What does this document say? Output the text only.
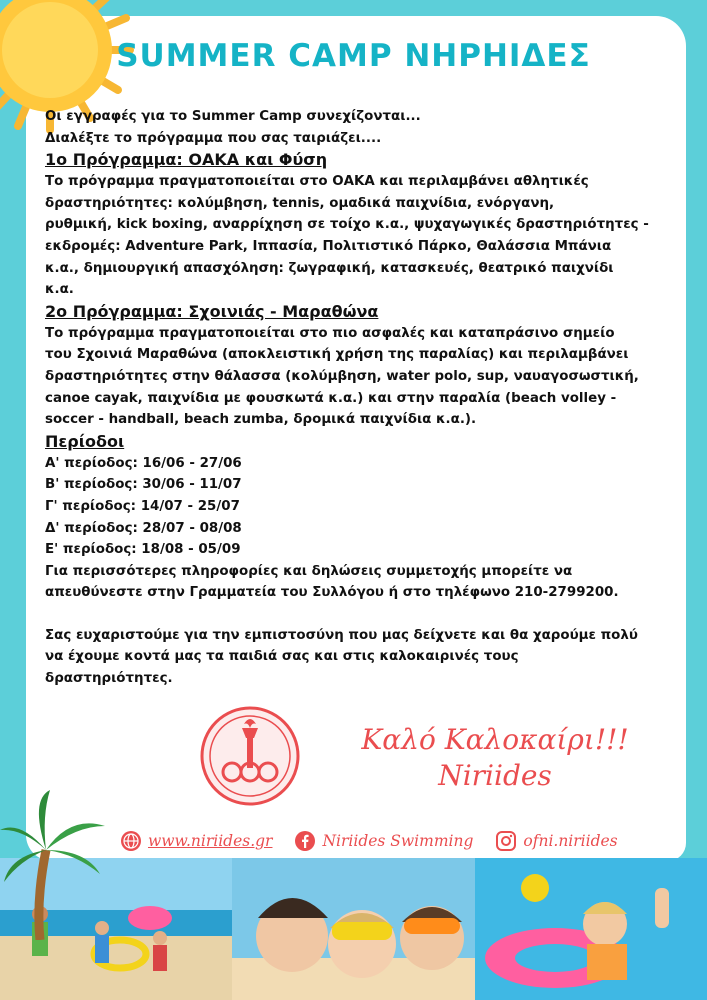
SUMMER CAMP ΝΗΡΗΙΔΕΣ

Οι εγγραφές για το Summer Camp συνεχίζονται...

Διαλέξτε το πρόγραμμα που σας ταιριάζει....

1ο Πρόγραμμα: ΟΑΚΑ και Φύση

Το πρόγραμμα πραγματοποιείται στο ΟΑΚΑ και περιλαμβάνει αθλητικές

δραστηριότητες: κολύμβηση, tennis, ομαδικά παιχνίδια, ενόργανη,

ρυθμική, kick boxing, αναρρίχηση σε τοίχο κ.α., ψυχαγωγικές δραστηριότητες -

εκδρομές: Adventure Park, Ιππασία, Πολιτιστικό Πάρκο, Θαλάσσια Μπάνια

κ.α., δημιουργική απασχόληση: ζωγραφική, κατασκευές, θεατρικό παιχνίδι

κ.α.

2ο Πρόγραμμα: Σχοινιάς - Μαραθώνα

Το πρόγραμμα πραγματοποιείται στο πιο ασφαλές και καταπράσινο σημείο

του Σχοινιά Μαραθώνα (αποκλειστική χρήση της παραλίας) και περιλαμβάνει

δραστηριότητες στην θάλασσα (κολύμβηση, water polo, sup, ναυαγοσωστική,

canoe cayak, παιχνίδια με φουσκωτά κ.α.) και στην παραλία (beach volley -

soccer - handball, beach zumba, δρομικά παιχνίδια κ.α.).

Περίοδοι

Α' περίοδος: 16/06 - 27/06

Β' περίοδος: 30/06 - 11/07

Γ' περίοδος: 14/07 - 25/07

Δ' περίοδος: 28/07 - 08/08

Ε' περίοδος: 18/08 - 05/09

Για περισσότερες πληροφορίες και δηλώσεις συμμετοχής μπορείτε να

απευθύνεστε στην Γραμματεία του Συλλόγου ή στο τηλέφωνο 210-2799200.

Σας ευχαριστούμε για την εμπιστοσύνη που μας δείχνετε και θα χαρούμε πολύ

να έχουμε κοντά μας τα παιδιά σας και στις καλοκαιρινές τους

δραστηριότητες.

Καλό Καλοκαίρι!!!
Niriides
www.niriides.gr	Niriides Swimming	ofni.niriides
